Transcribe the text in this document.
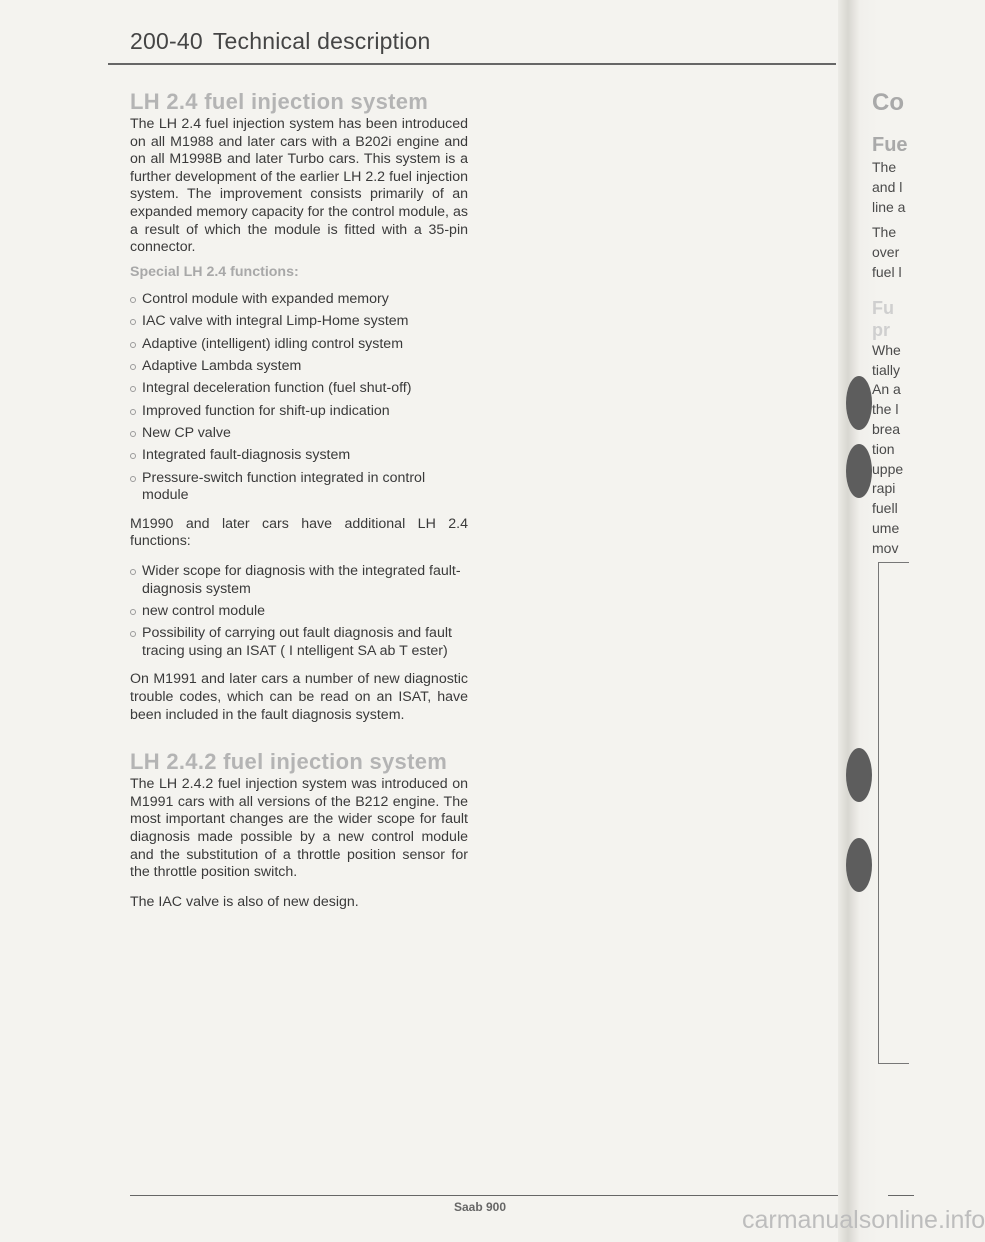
200-40 Technical description
LH 2.4 fuel injection system

The LH 2.4 fuel injection system has been introduced on all M1988 and later cars with a B202i engine and on all M1998B and later Turbo cars. This system is a further development of the earlier LH 2.2 fuel injection system. The improvement consists primarily of an expanded memory capacity for the control module, as a result of which the module is fitted with a 35-pin connector.

Special LH 2.4 functions:
Control module with expanded memory
IAC valve with integral Limp-Home system
Adaptive (intelligent) idling control system
Adaptive Lambda system
Integral deceleration function (fuel shut-off)
Improved function for shift-up indication
New CP valve
Integrated fault-diagnosis system
Pressure-switch function integrated in control module

M1990 and later cars have additional LH 2.4 functions:

Wider scope for diagnosis with the integrated fault- diagnosis system
new control module
Possibility of carrying out fault diagnosis and fault tracing using an ISAT ( I ntelligent SA ab T ester)

On M1991 and later cars a number of new diagnostic trouble codes, which can be read on an ISAT, have been included in the fault diagnosis system.

LH 2.4.2 fuel injection system

The LH 2.4.2 fuel injection system was introduced on M1991 cars with all versions of the B212 engine. The most important changes are the wider scope for fault diagnosis made possible by a new control module and the substitution of a throttle position sensor for the throttle position switch.

The IAC valve is also of new design.

Co
Fue
The
and l
line a
The
over
fuel l
Fu
pr
Whe
tially
An a
the l
brea
tion
uppe
rapi
fuell
ume
mov
Saab 900	carmanualsonline.info
